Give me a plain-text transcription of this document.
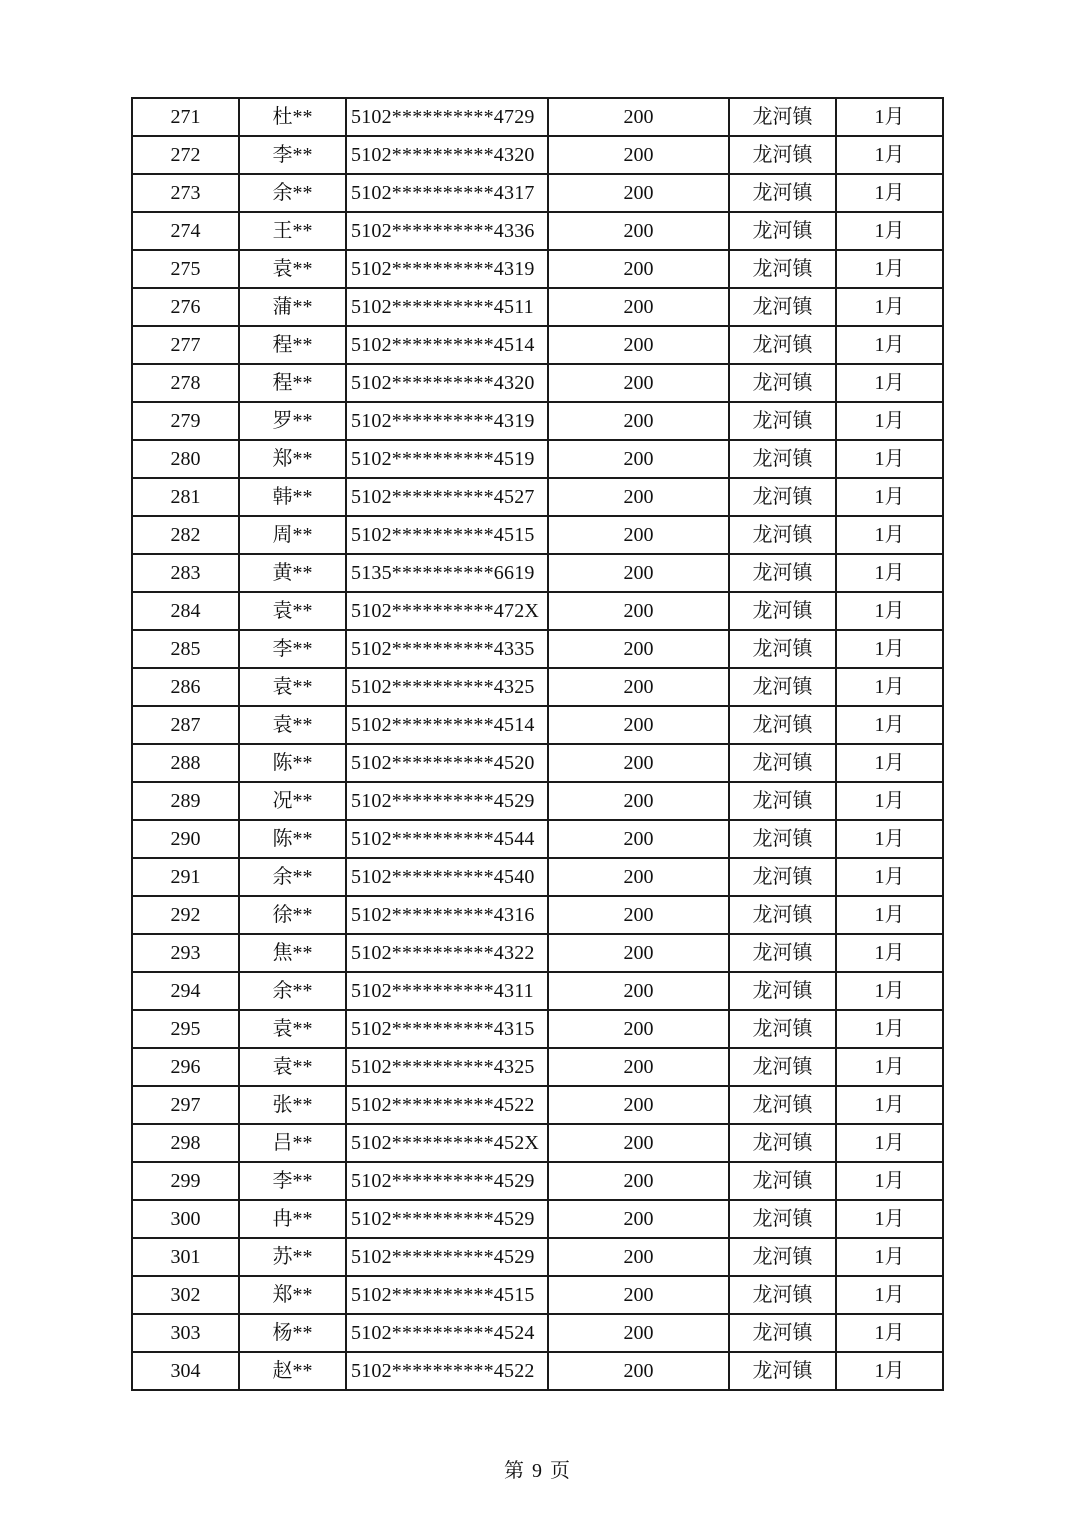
271	杜**	5102**********4729	200	龙河镇	1月
272	李**	5102**********4320	200	龙河镇	1月
273	余**	5102**********4317	200	龙河镇	1月
274	王**	5102**********4336	200	龙河镇	1月
275	袁**	5102**********4319	200	龙河镇	1月
276	蒲**	5102**********4511	200	龙河镇	1月
277	程**	5102**********4514	200	龙河镇	1月
278	程**	5102**********4320	200	龙河镇	1月
279	罗**	5102**********4319	200	龙河镇	1月
280	郑**	5102**********4519	200	龙河镇	1月
281	韩**	5102**********4527	200	龙河镇	1月
282	周**	5102**********4515	200	龙河镇	1月
283	黄**	5135**********6619	200	龙河镇	1月
284	袁**	5102**********472X	200	龙河镇	1月
285	李**	5102**********4335	200	龙河镇	1月
286	袁**	5102**********4325	200	龙河镇	1月
287	袁**	5102**********4514	200	龙河镇	1月
288	陈**	5102**********4520	200	龙河镇	1月
289	况**	5102**********4529	200	龙河镇	1月
290	陈**	5102**********4544	200	龙河镇	1月
291	余**	5102**********4540	200	龙河镇	1月
292	徐**	5102**********4316	200	龙河镇	1月
293	焦**	5102**********4322	200	龙河镇	1月
294	余**	5102**********4311	200	龙河镇	1月
295	袁**	5102**********4315	200	龙河镇	1月
296	袁**	5102**********4325	200	龙河镇	1月
297	张**	5102**********4522	200	龙河镇	1月
298	吕**	5102**********452X	200	龙河镇	1月
299	李**	5102**********4529	200	龙河镇	1月
300	冉**	5102**********4529	200	龙河镇	1月
301	苏**	5102**********4529	200	龙河镇	1月
302	郑**	5102**********4515	200	龙河镇	1月
303	杨**	5102**********4524	200	龙河镇	1月
304	赵**	5102**********4522	200	龙河镇	1月
第 9 页
